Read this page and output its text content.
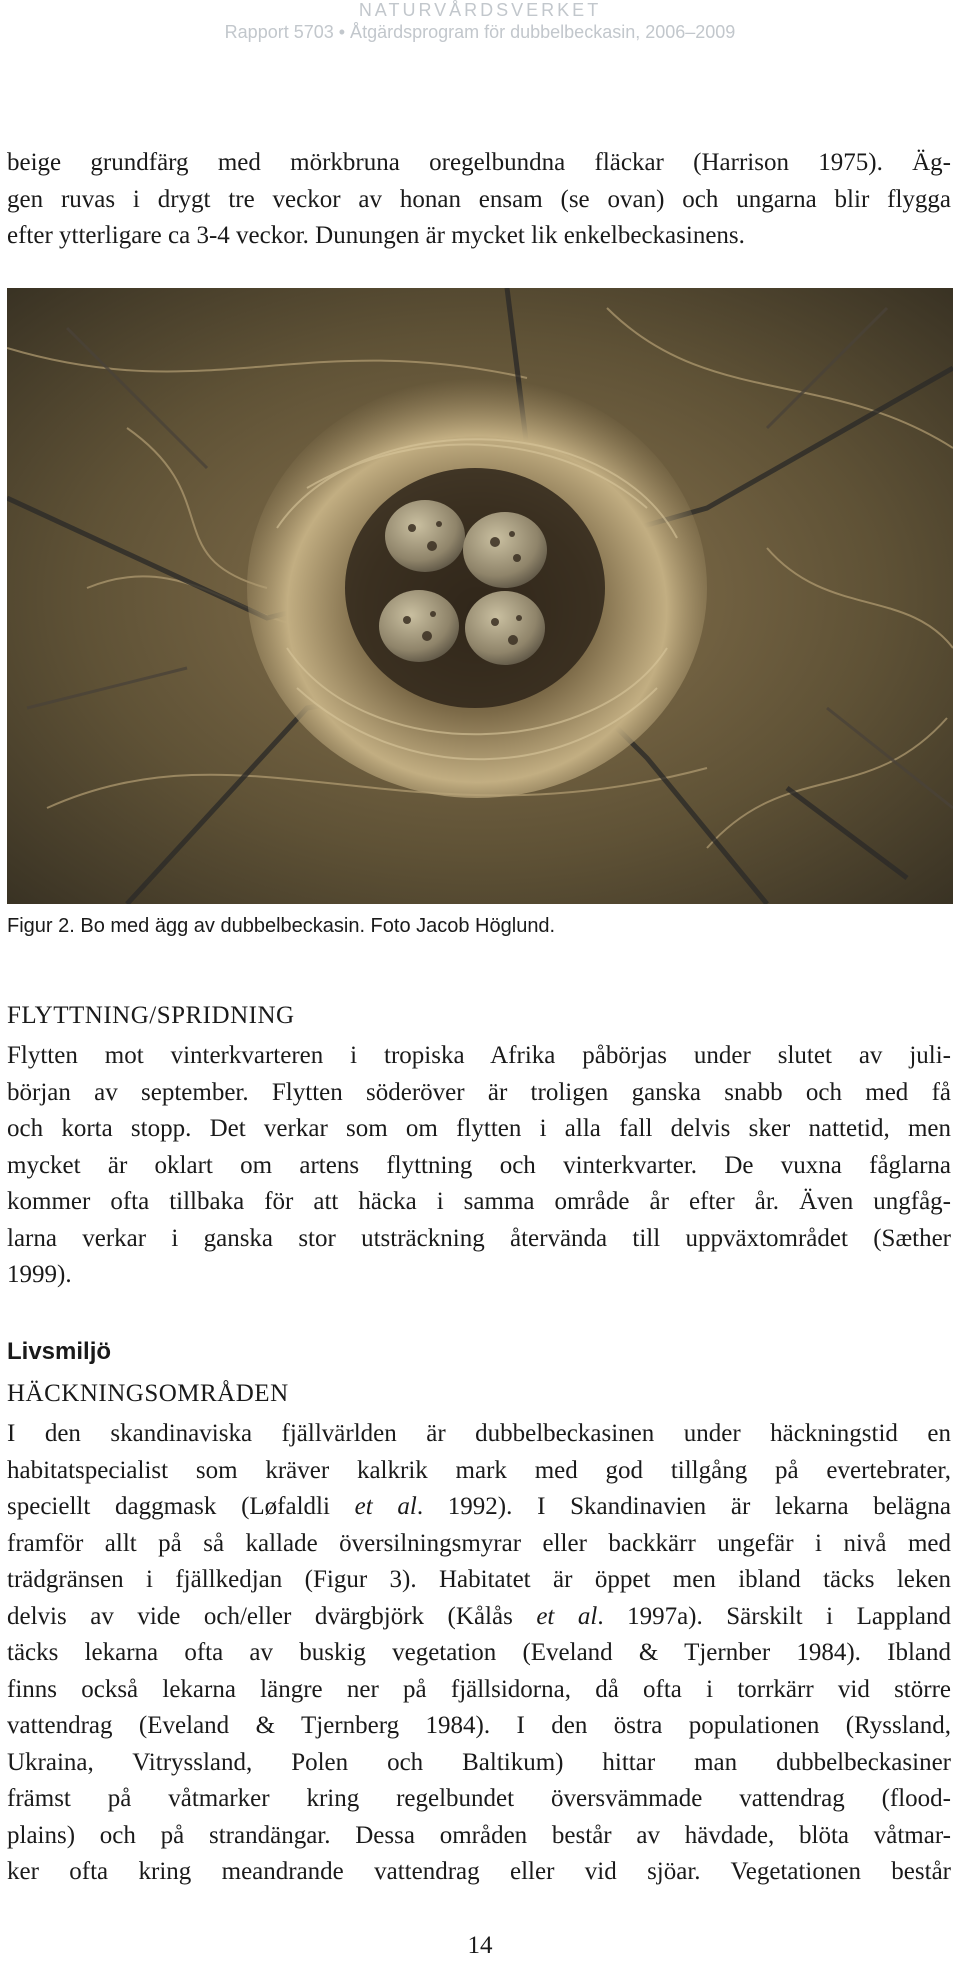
NATURVÅRDSVERKET
Rapport 5703 • Åtgärdsprogram för dubbelbeckasin, 2006–2009
beige grundfärg med mörkbruna oregelbundna fläckar (Harrison 1975). Äg-
gen ruvas i drygt tre veckor av honan ensam (se ovan) och ungarna blir flygga
efter ytterligare ca 3-4 veckor. Dunungen är mycket lik enkelbeckasinens.
Figur 2. Bo med ägg av dubbelbeckasin. Foto Jacob Höglund.
FLYTTNING/SPRIDNING
Flytten mot vinterkvarteren i tropiska Afrika påbörjas under slutet av juli-
början av september. Flytten söderöver är troligen ganska snabb och med få
och korta stopp. Det verkar som om flytten i alla fall delvis sker nattetid, men
mycket är oklart om artens flyttning och vinterkvarter. De vuxna fåglarna
kommer ofta tillbaka för att häcka i samma område år efter år. Även ungfåg-
larna verkar i ganska stor utsträckning återvända till uppväxtområdet (Sæther
1999).
Livsmiljö
HÄCKNINGSOMRÅDEN
I den skandinaviska fjällvärlden är dubbelbeckasinen under häckningstid en
habitatspecialist som kräver kalkrik mark med god tillgång på evertebrater,
speciellt daggmask (Løfaldli et al. 1992). I Skandinavien är lekarna belägna
framför allt på så kallade översilningsmyrar eller backkärr ungefär i nivå med
trädgränsen i fjällkedjan (Figur 3). Habitatet är öppet men ibland täcks leken
delvis av vide och/eller dvärgbjörk (Kålås et al. 1997a). Särskilt i Lappland
täcks lekarna ofta av buskig vegetation (Eveland & Tjernber 1984). Ibland
finns också lekarna längre ner på fjällsidorna, då ofta i torrkärr vid större
vattendrag (Eveland & Tjernberg 1984). I den östra populationen (Ryssland,
Ukraina, Vitryssland, Polen och Baltikum) hittar man dubbelbeckasiner
främst på våtmarker kring regelbundet översvämmade vattendrag (flood-
plains) och på strandängar. Dessa områden består av hävdade, blöta våtmar-
ker ofta kring meandrande vattendrag eller vid sjöar. Vegetationen består
14
